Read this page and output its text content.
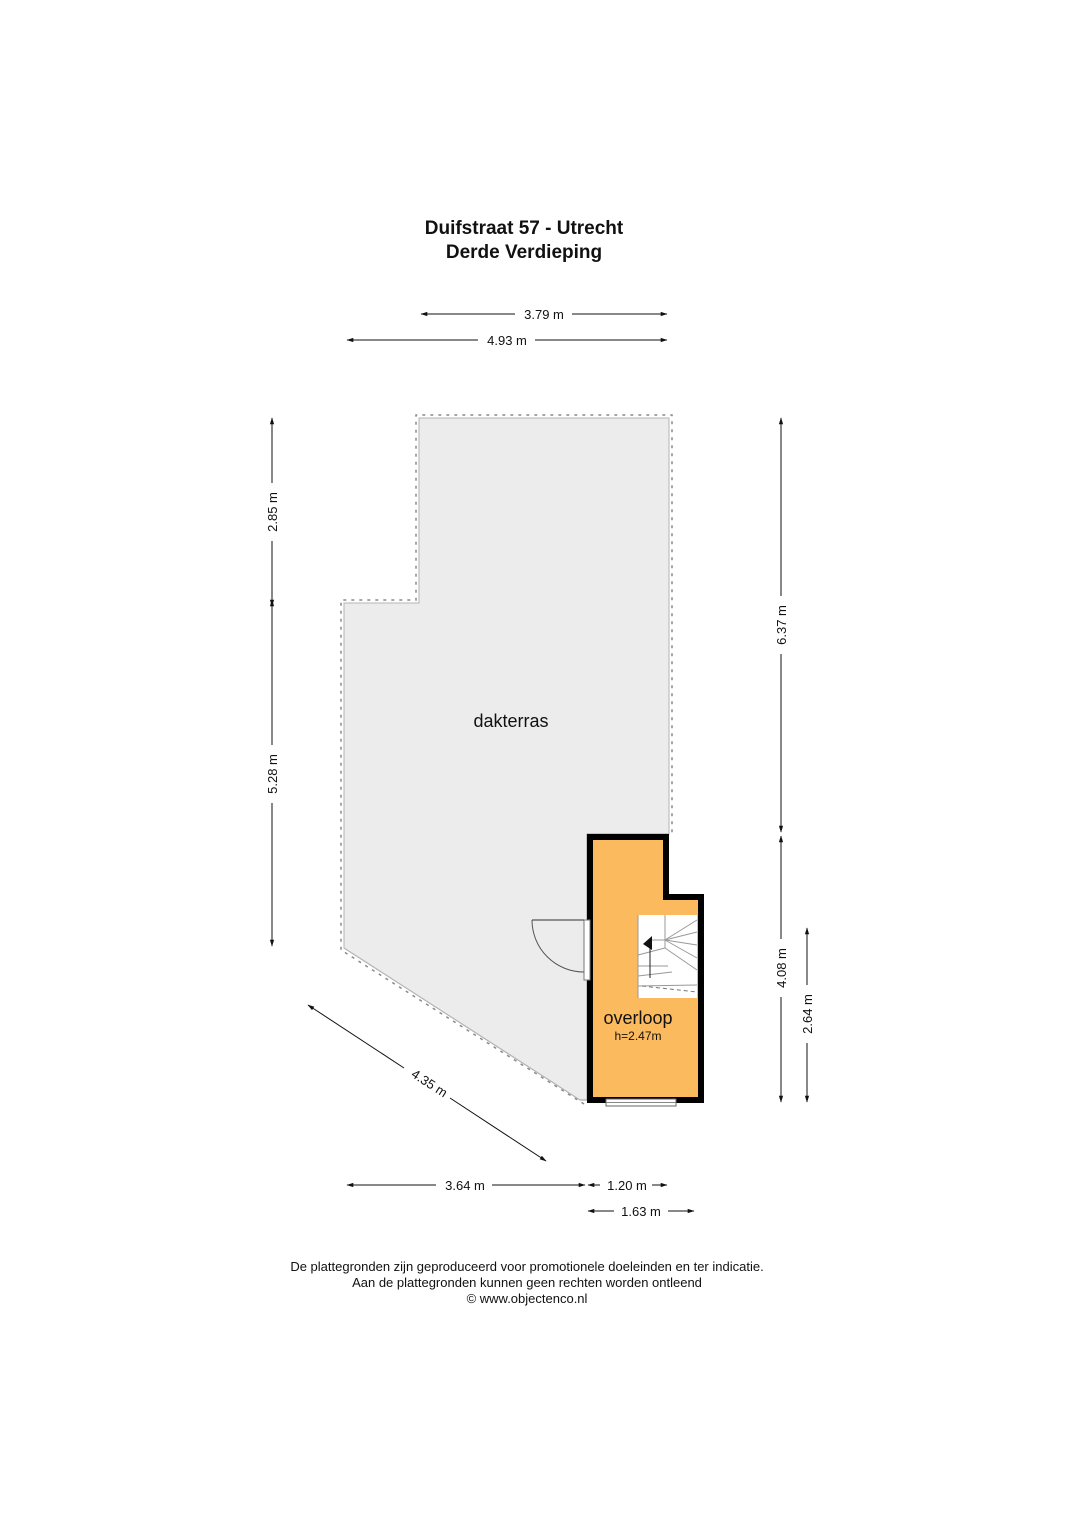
Duifstraat 57 - Utrecht
Derde Verdieping
dakterras
overloop
h=2.47m
3.79 m
4.93 m
2.85 m
5.28 m
6.37 m
4.08 m
2.64 m
4.35 m
3.64 m	1.20 m
1.63 m
De plattegronden zijn geproduceerd voor promotionele doeleinden en ter indicatie.
Aan de plattegronden kunnen geen rechten worden ontleend
© www.objectenco.nl
